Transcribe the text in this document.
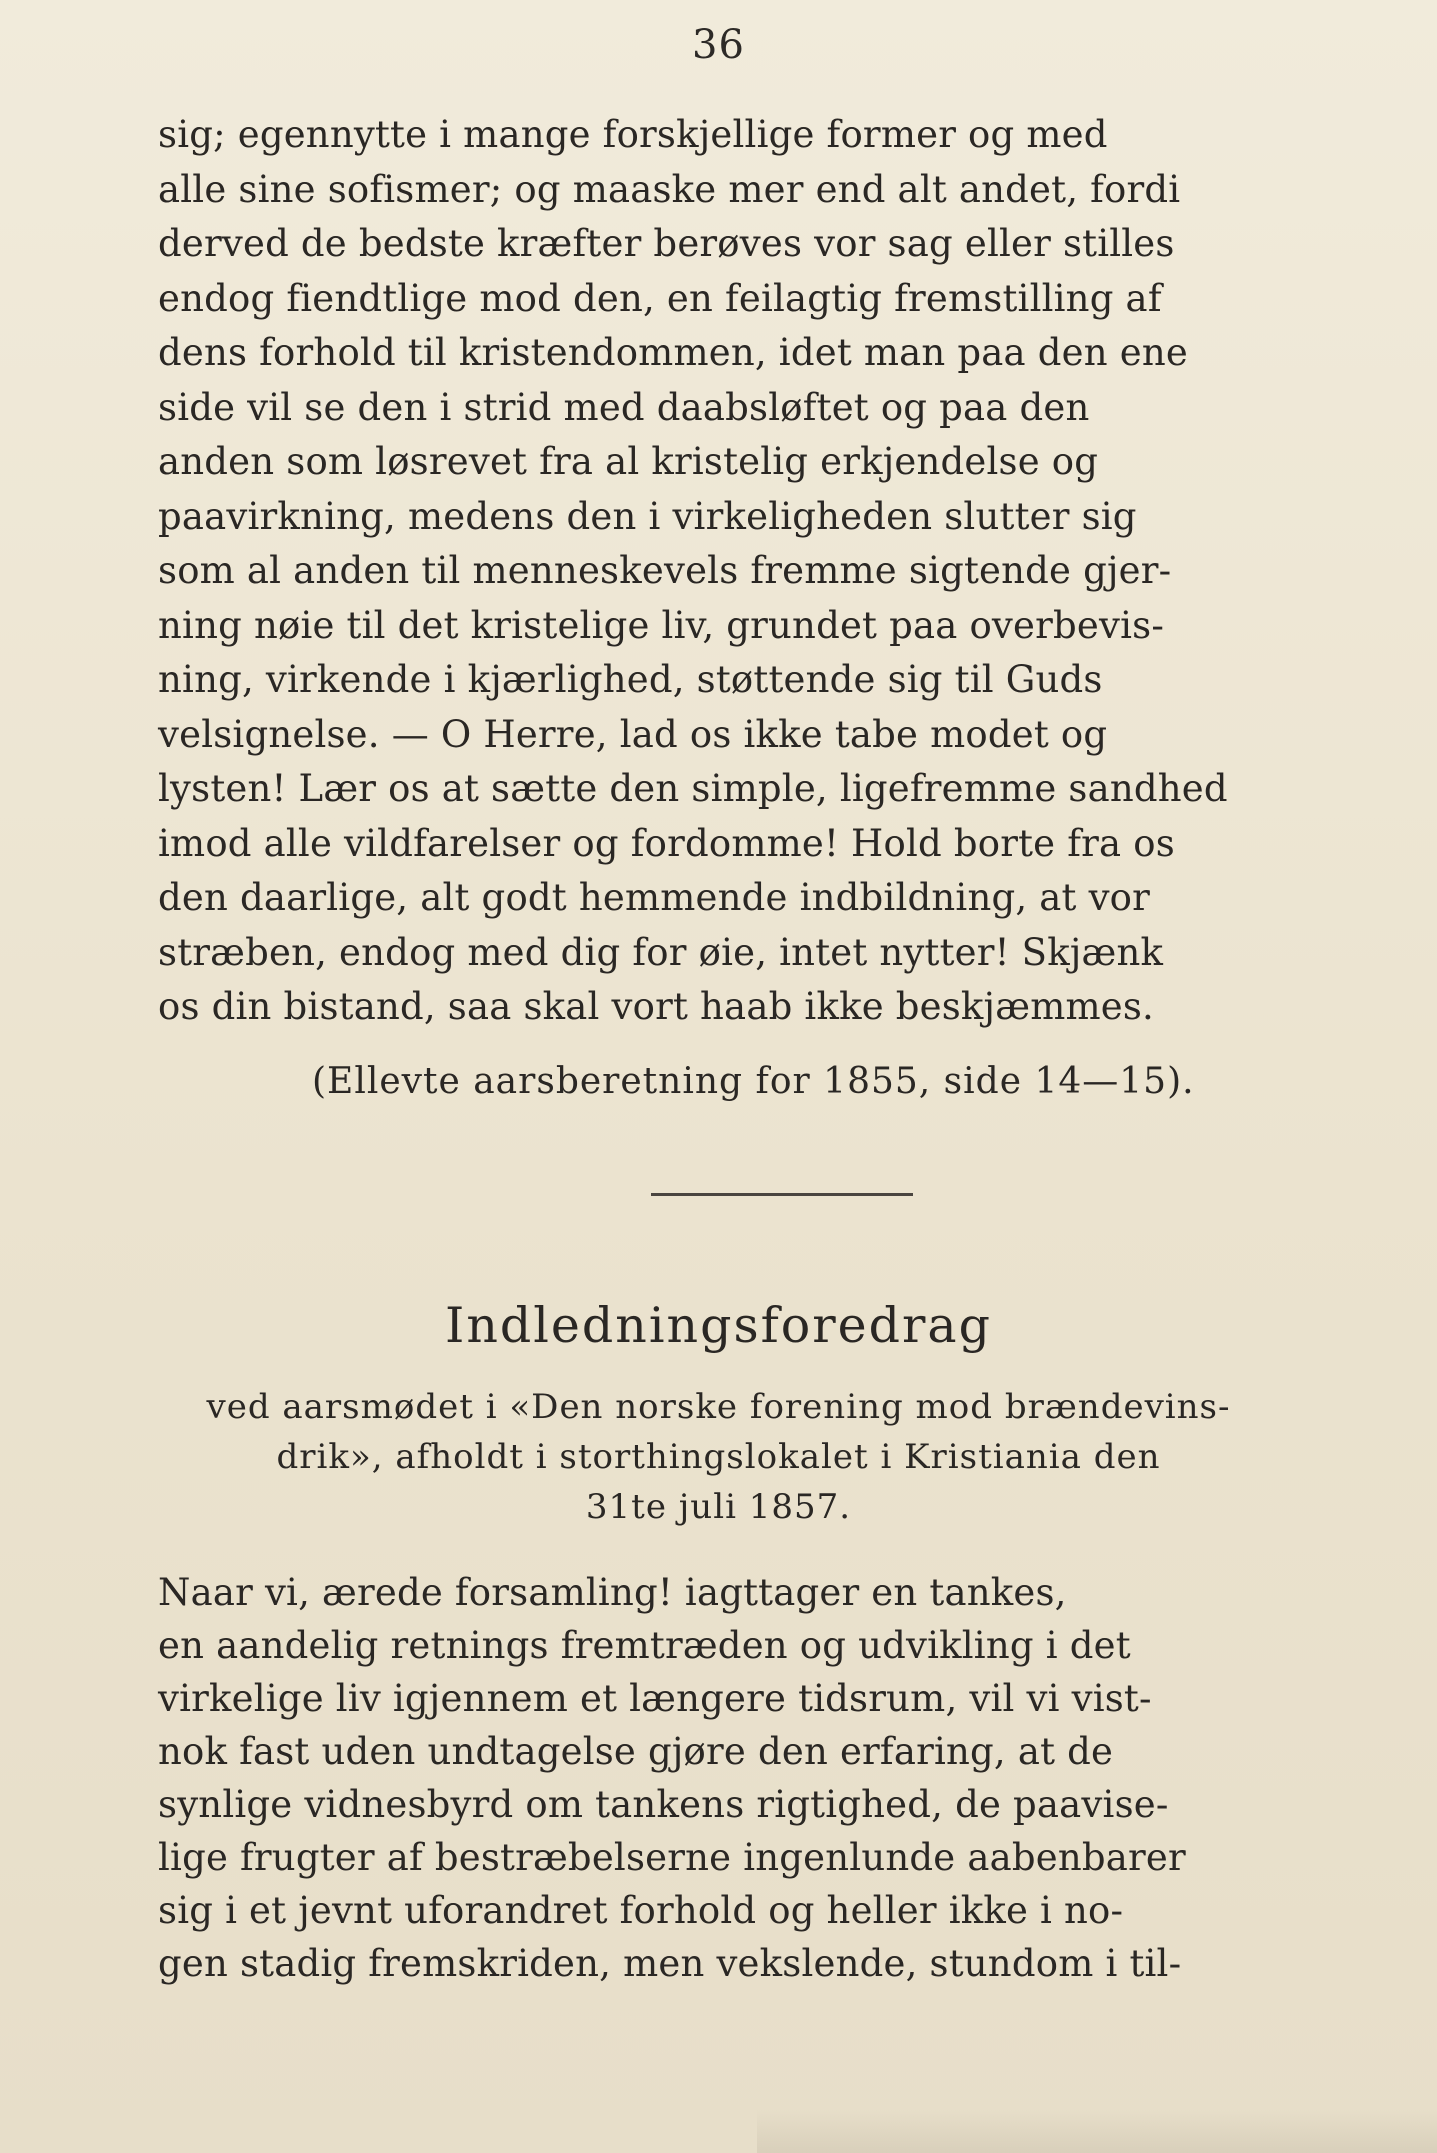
36
sig; egennytte i mange forskjellige former og med
alle sine sofismer; og maaske mer end alt andet, fordi
derved de bedste kræfter berøves vor sag eller stilles
endog fiendtlige mod den, en feilagtig fremstilling af
dens forhold til kristendommen, idet man paa den ene
side vil se den i strid med daabsløftet og paa den
anden som løsrevet fra al kristelig erkjendelse og
paavirkning, medens den i virkeligheden slutter sig
som al anden til menneskevels fremme sigtende gjer-
ning nøie til det kristelige liv, grundet paa overbevis-
ning, virkende i kjærlighed, støttende sig til Guds
velsignelse. — O Herre, lad os ikke tabe modet og
lysten! Lær os at sætte den simple, ligefremme sandhed
imod alle vildfarelser og fordomme! Hold borte fra os
den daarlige, alt godt hemmende indbildning, at vor
stræben, endog med dig for øie, intet nytter! Skjænk
os din bistand, saa skal vort haab ikke beskjæmmes.
(Ellevte aarsberetning for 1855, side 14—15).
Indledningsforedrag
ved aarsmødet i «Den norske forening mod brændevins-
drik», afholdt i storthingslokalet i Kristiania den
31te juli 1857.
Naar vi, ærede forsamling! iagttager en tankes,
en aandelig retnings fremtræden og udvikling i det
virkelige liv igjennem et længere tidsrum, vil vi vist-
nok fast uden undtagelse gjøre den erfaring, at de
synlige vidnesbyrd om tankens rigtighed, de paavise-
lige frugter af bestræbelserne ingenlunde aabenbarer
sig i et jevnt uforandret forhold og heller ikke i no-
gen stadig fremskriden, men vekslende, stundom i til-
